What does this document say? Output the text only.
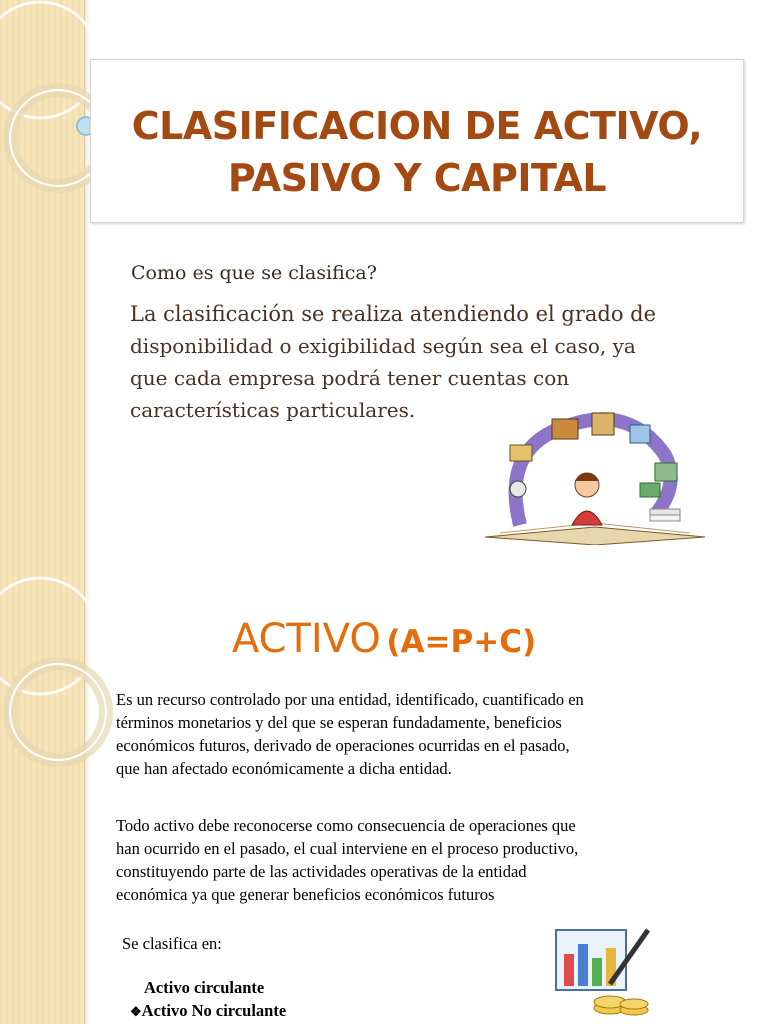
CLASIFICACION DE ACTIVO,
PASIVO Y CAPITAL
Como es que se clasifica?
La clasificación se realiza atendiendo el grado de
disponibilidad o exigibilidad según sea el caso, ya
que cada empresa podrá tener cuentas con
características particulares.
ACTIVO (A=P+C)
Es un recurso controlado por una entidad, identificado, cuantificado en
términos monetarios y del que se esperan fundadamente, beneficios
económicos futuros, derivado de operaciones ocurridas en el pasado,
que han afectado económicamente a dicha entidad.
Todo activo debe reconocerse como consecuencia de operaciones que
han ocurrido en el pasado, el cual interviene en el proceso productivo,
constituyendo parte de las actividades operativas de la entidad
económica ya que generar beneficios económicos futuros
Se clasifica en:
Activo circulante
❖Activo No circulante
